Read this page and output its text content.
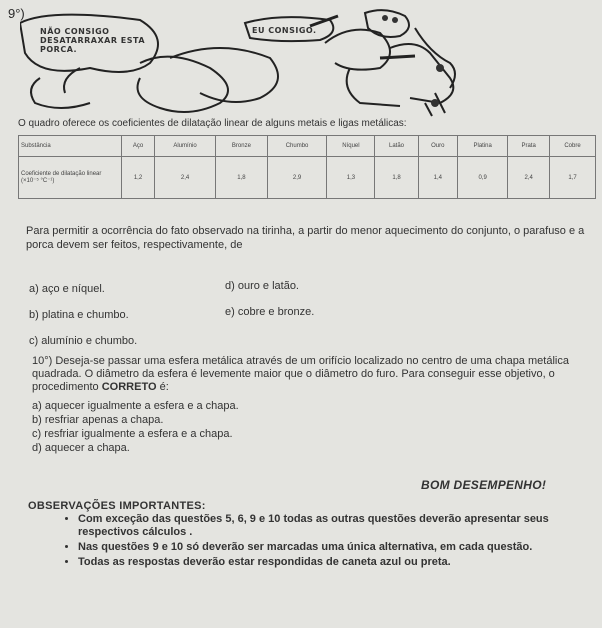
9°)
NÃO CONSIGO DESATARRAXAR ESTA PORCA.
EU CONSIGO.
O quadro oferece os coeficientes de dilatação linear de alguns metais e ligas metálicas:
Substância	Aço	Alumínio	Bronze	Chumbo	Níquel	Latão	Ouro	Platina	Prata	Cobre
Coeficiente de dilatação linear (×10⁻⁵ °C⁻¹)	1,2	2,4	1,8	2,9	1,3	1,8	1,4	0,9	2,4	1,7
Para permitir a ocorrência do fato observado na tirinha, a partir do menor aquecimento do conjunto, o parafuso e a porca devem ser feitos, respectivamente, de
a) aço e níquel.	d) ouro e latão.
b) platina e chumbo.	e) cobre e bronze.
c) alumínio e chumbo.
10°) Deseja-se passar uma esfera metálica através de um orifício localizado no centro de uma chapa metálica quadrada. O diâmetro da esfera é levemente maior que o diâmetro do furo. Para conseguir esse objetivo, o procedimento CORRETO é:
a) aquecer igualmente a esfera e a chapa.
b) resfriar apenas a chapa.
c) resfriar igualmente a esfera e a chapa.
d) aquecer a chapa.
BOM DESEMPENHO!
OBSERVAÇÕES IMPORTANTES:
• Com exceção das questões 5, 6, 9 e 10 todas as outras questões deverão apresentar seus respectivos cálculos .
• Nas questões 9 e 10 só deverão ser marcadas uma única alternativa, em cada questão.
• Todas as respostas deverão estar respondidas de caneta azul ou preta.
